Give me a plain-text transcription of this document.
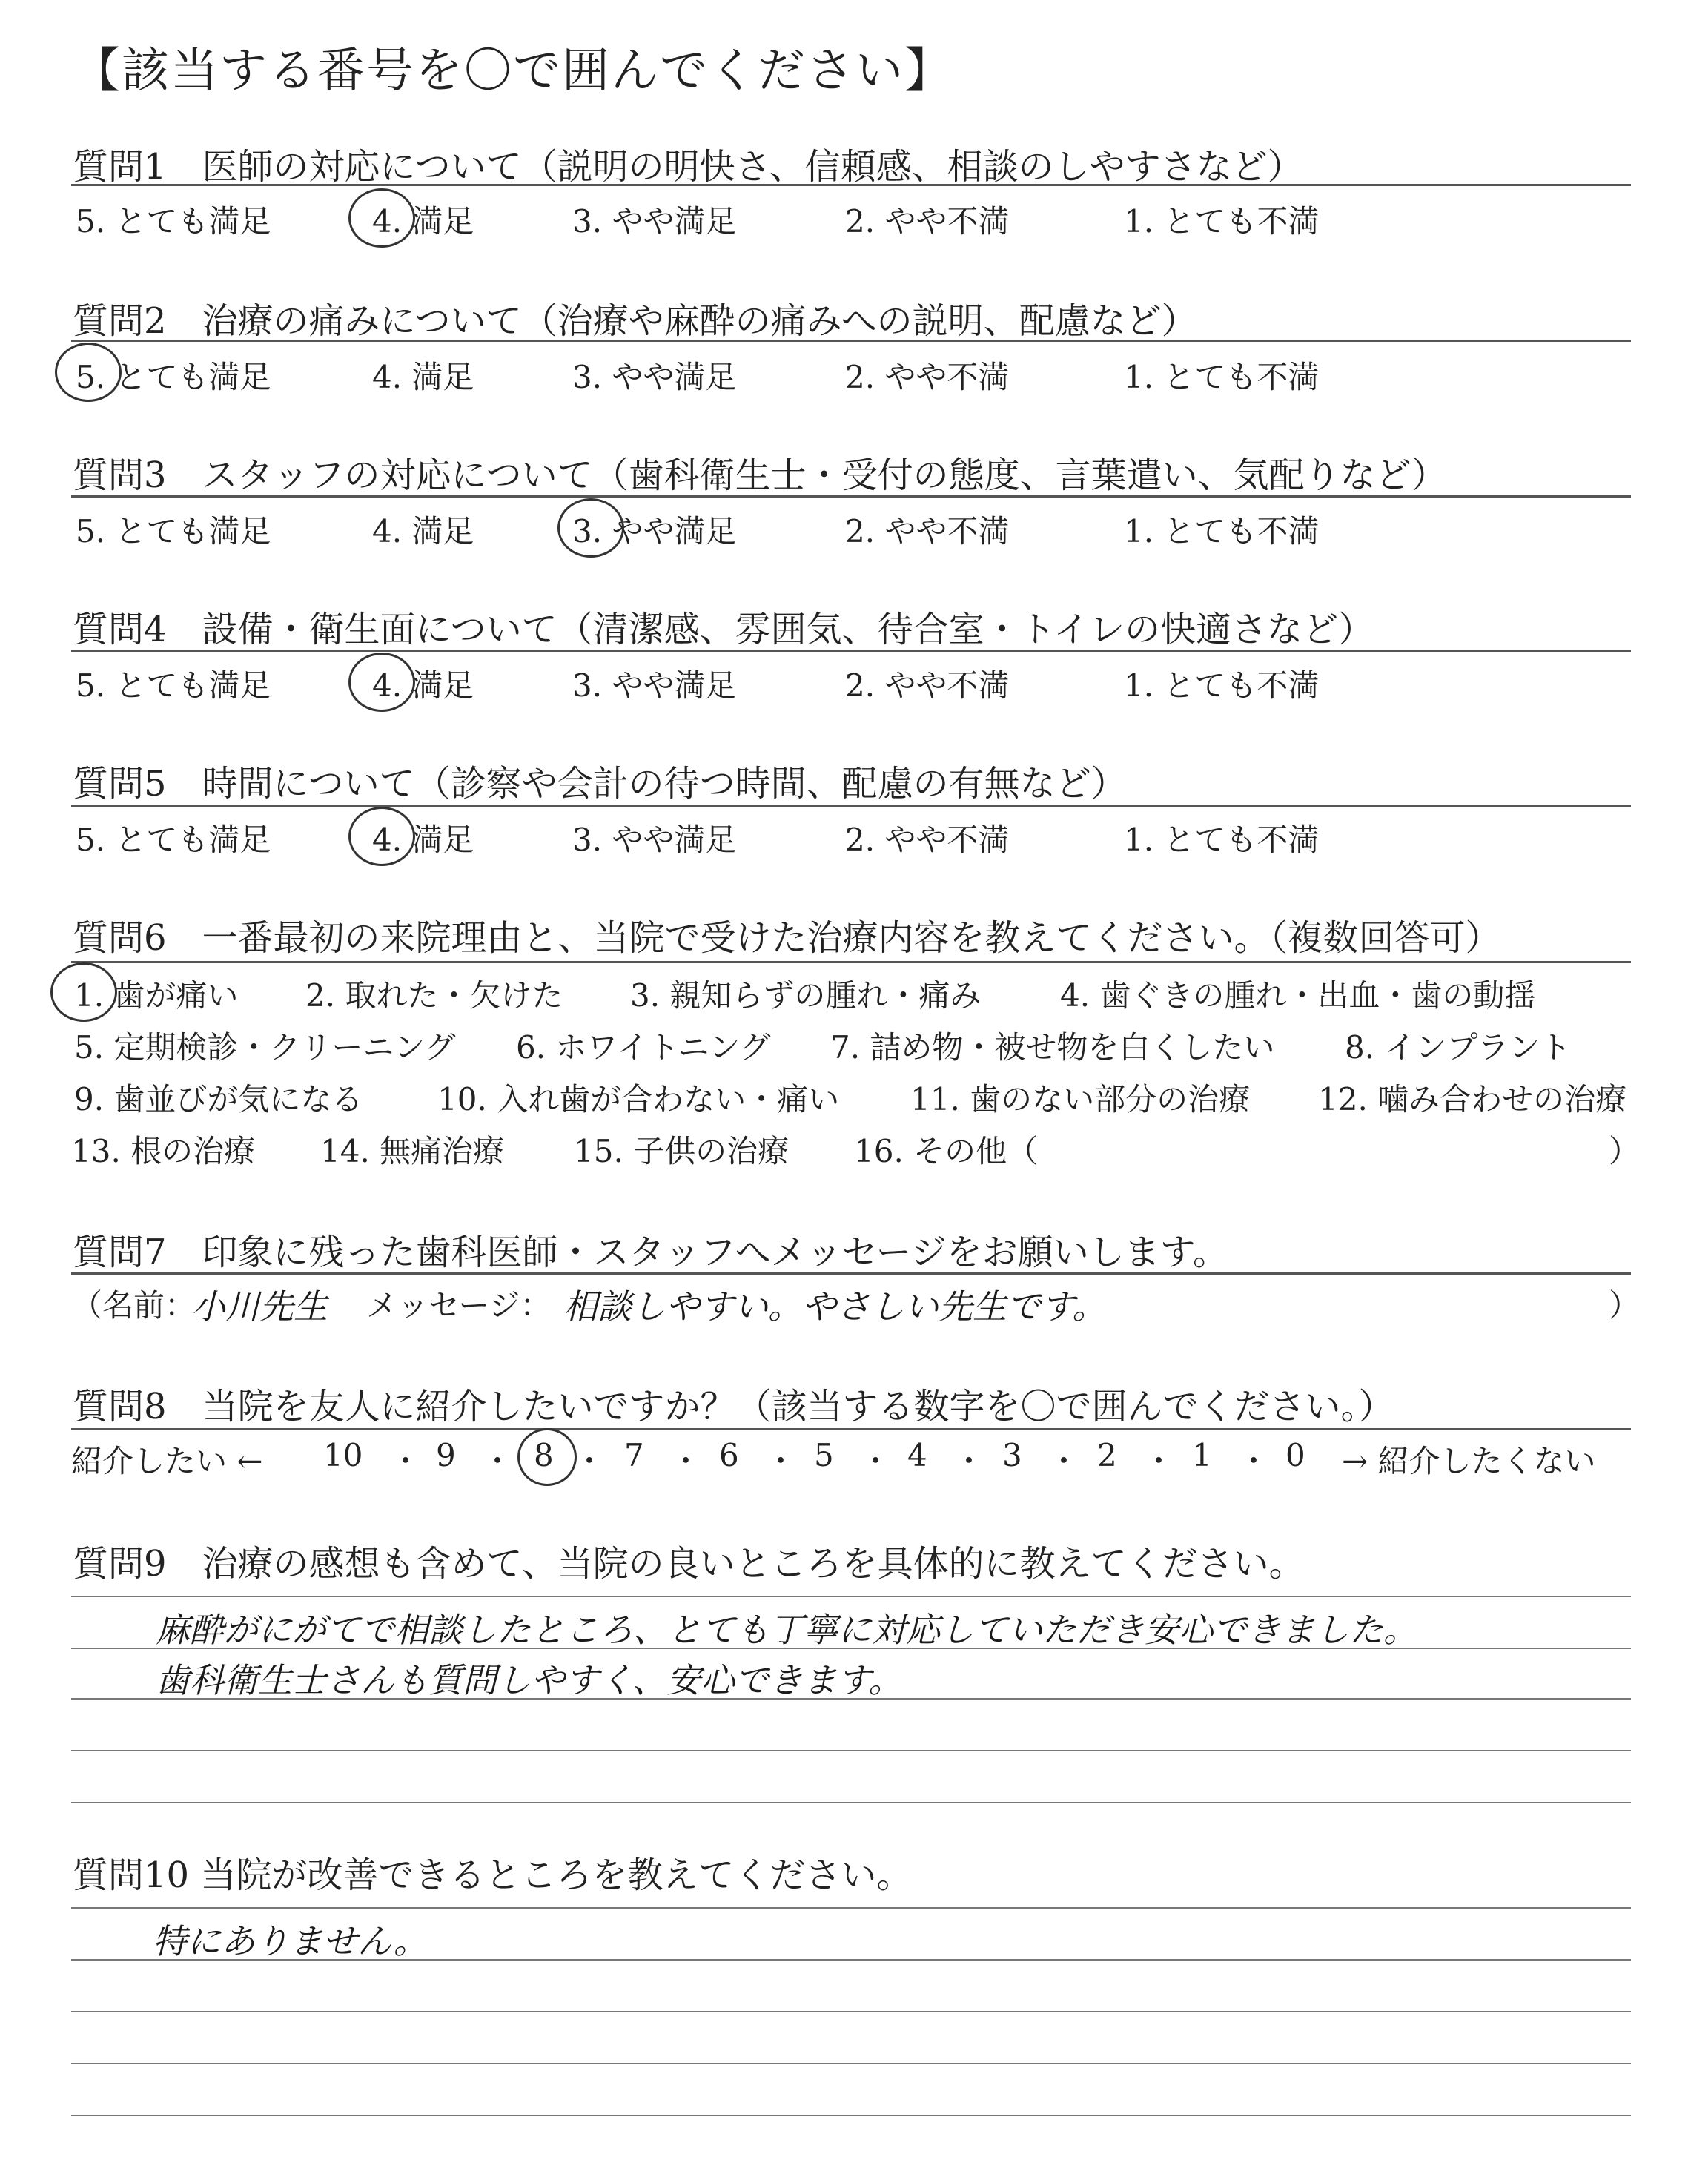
【該当する番号を〇で囲んでください】
質問1　医師の対応について（説明の明快さ、信頼感、相談のしやすさなど）
5. とても満足	4. 満足	3. やや満足	2. やや不満	1. とても不満
質問2　治療の痛みについて（治療や麻酔の痛みへの説明、配慮など）
5. とても満足	4. 満足	3. やや満足	2. やや不満	1. とても不満
質問3　スタッフの対応について（歯科衛生士・受付の態度、言葉遣い、気配りなど）
5. とても満足	4. 満足	3. やや満足	2. やや不満	1. とても不満
質問4　設備・衛生面について（清潔感、雰囲気、待合室・トイレの快適さなど）
5. とても満足	4. 満足	3. やや満足	2. やや不満	1. とても不満
質問5　時間について（診察や会計の待つ時間、配慮の有無など）
5. とても満足	4. 満足	3. やや満足	2. やや不満	1. とても不満
質問6　一番最初の来院理由と、当院で受けた治療内容を教えてください。（複数回答可）
1. 歯が痛い 2. 取れた・欠けた 3. 親知らずの腫れ・痛み	4. 歯ぐきの腫れ・出血・歯の動揺
5. 定期検診・クリーニング 6. ホワイトニング 7. 詰め物・被せ物を白くしたい 8. インプラント
9. 歯並びが気になる 10. 入れ歯が合わない・痛い 11. 歯のない部分の治療 12. 噛み合わせの治療
13. 根の治療 14. 無痛治療 15. 子供の治療 16. その他（	）
質問7　印象に残った歯科医師・スタッフへメッセージをお願いします。
（名前：
小川先生 メッセージ： 相談しやすい。やさしい先生です。	）
質問8　当院を友人に紹介したいですか？（該当する数字を〇で囲んでください。）
紹介したい ← 10 ・ 9 ・ 8 ・ 7 ・ 6 ・ 5 ・ 4 ・ 3 ・ 2 ・ 1 ・ 0 → 紹介したくない
質問9　治療の感想も含めて、当院の良いところを具体的に教えてください。
麻酔がにがてで相談したところ、とても丁寧に対応していただき安心できました。
歯科衛生士さんも質問しやすく、安心できます。
質問10 当院が改善できるところを教えてください。
特にありません。
